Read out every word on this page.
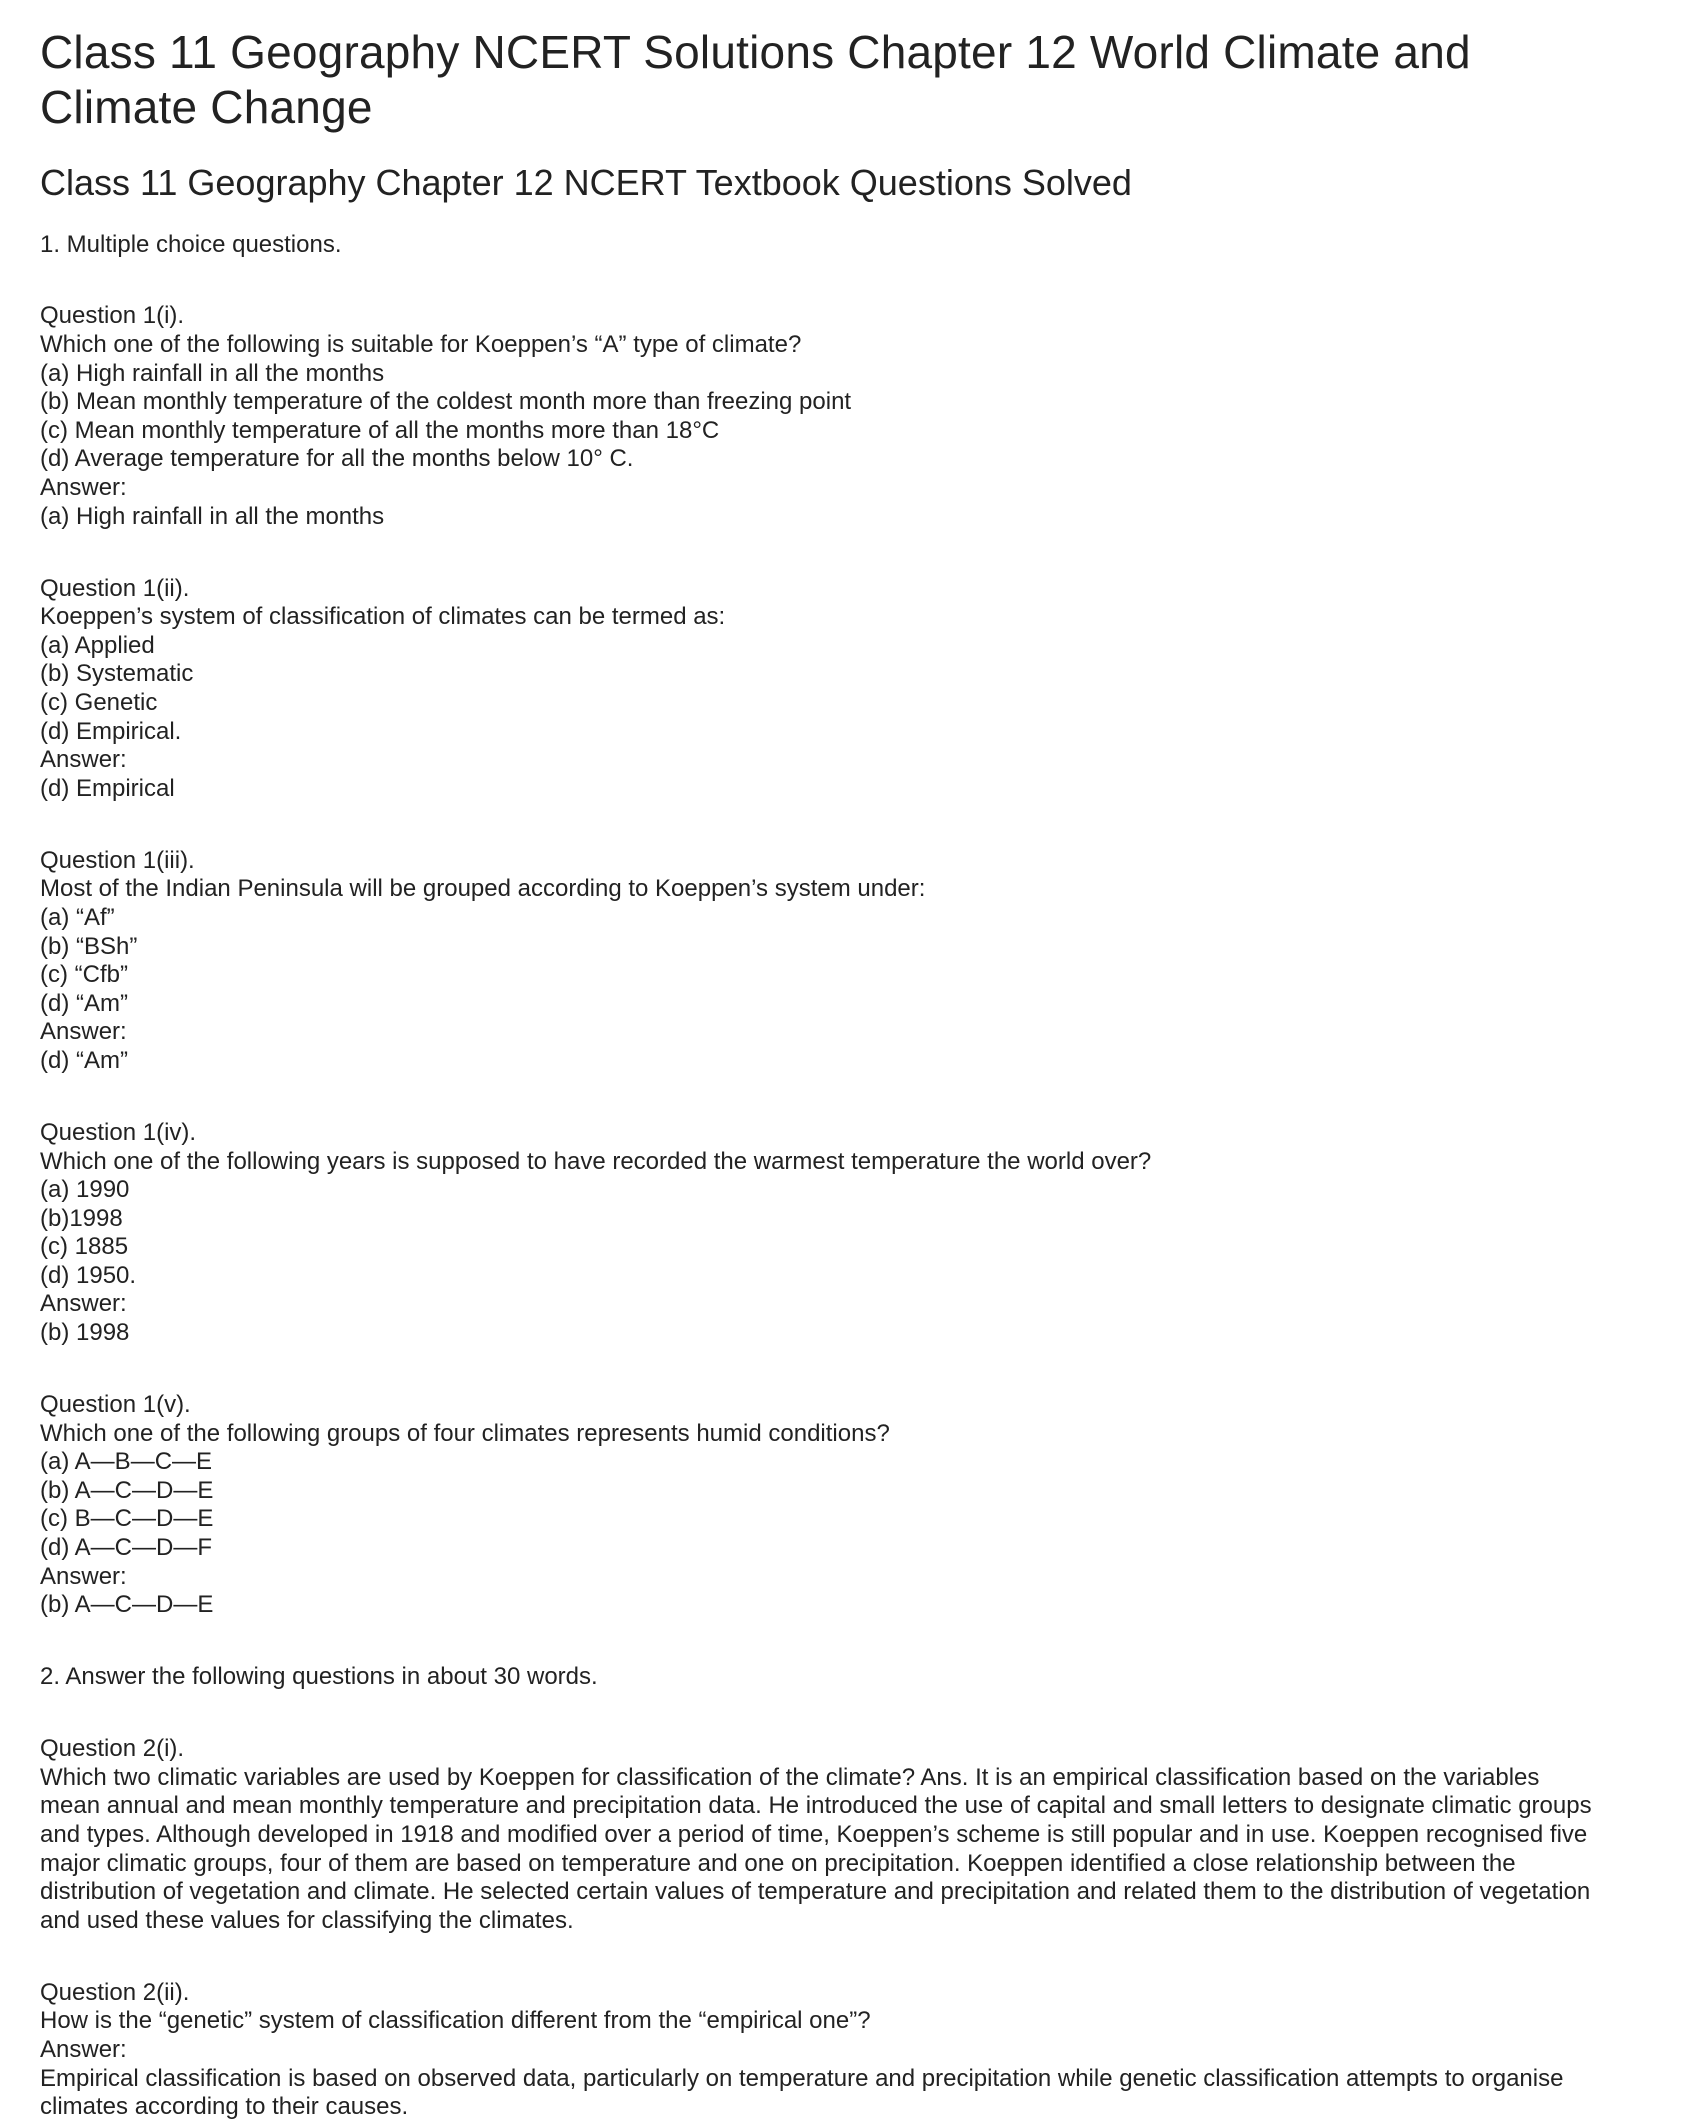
Class 11 Geography NCERT Solutions Chapter 12 World Climate and
Climate Change
Class 11 Geography Chapter 12 NCERT Textbook Questions Solved
1. Multiple choice questions.
Question 1(i).
Which one of the following is suitable for Koeppen’s “A” type of climate?
(a) High rainfall in all the months
(b) Mean monthly temperature of the coldest month more than freezing point
(c) Mean monthly temperature of all the months more than 18°C
(d) Average temperature for all the months below 10° C.
Answer:
(a) High rainfall in all the months
Question 1(ii).
Koeppen’s system of classification of climates can be termed as:
(a) Applied
(b) Systematic
(c) Genetic
(d) Empirical.
Answer:
(d) Empirical
Question 1(iii).
Most of the Indian Peninsula will be grouped according to Koeppen’s system under:
(a) “Af”
(b) “BSh”
(c) “Cfb”
(d) “Am”
Answer:
(d) “Am”
Question 1(iv).
Which one of the following years is supposed to have recorded the warmest temperature the world over?
(a) 1990
(b)1998
(c) 1885
(d) 1950.
Answer:
(b) 1998
Question 1(v).
Which one of the following groups of four climates represents humid conditions?
(a) A—B—C—E
(b) A—C—D—E
(c) B—C—D—E
(d) A—C—D—F
Answer:
(b) A—C—D—E
2. Answer the following questions in about 30 words.
Question 2(i).
Which two climatic variables are used by Koeppen for classification of the climate? Ans. It is an empirical classification based on the variables
mean annual and mean monthly temperature and precipitation data. He introduced the use of capital and small letters to designate climatic groups
and types. Although developed in 1918 and modified over a period of time, Koeppen’s scheme is still popular and in use. Koeppen recognised five
major climatic groups, four of them are based on temperature and one on precipitation. Koeppen identified a close relationship between the
distribution of vegetation and climate. He selected certain values of temperature and precipitation and related them to the distribution of vegetation
and used these values for classifying the climates.
Question 2(ii).
How is the “genetic” system of classification different from the “empirical one”?
Answer:
Empirical classification is based on observed data, particularly on temperature and precipitation while genetic classification attempts to organise
climates according to their causes.
